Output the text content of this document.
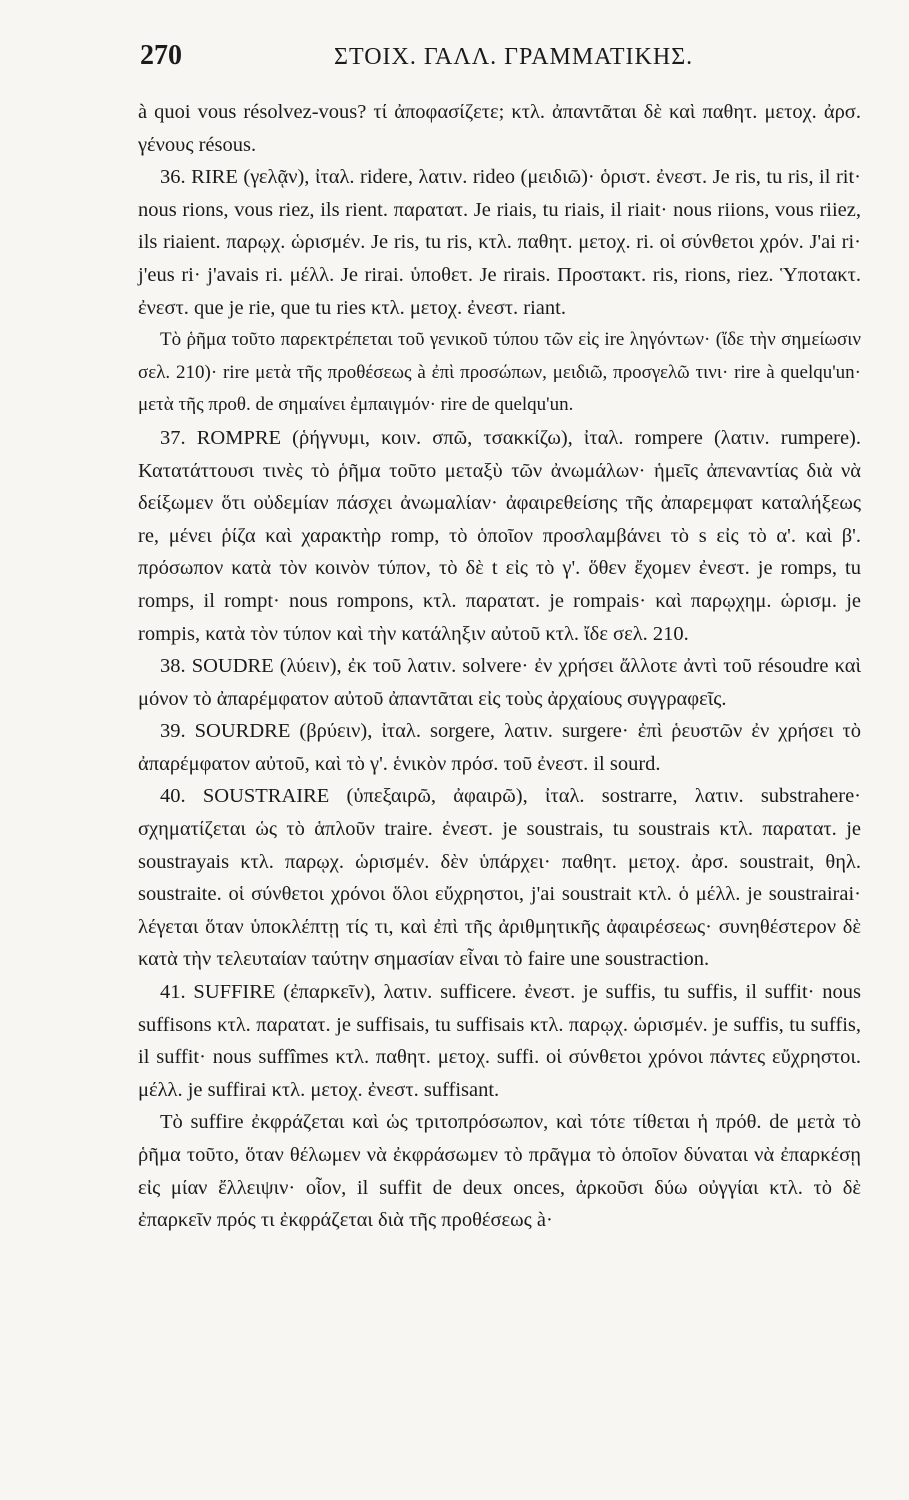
270	ΣΤΟΙΧ. ΓΑΛΛ. ΓΡΑΜΜΑΤΙΚΗΣ.

à quoi vous résolvez-vous? τί ἀποφασίζετε; κτλ. ἀπαντᾶται δὲ καὶ παθητ. μετοχ. ἀρσ. γένους résous.

36. RIRE (γελᾷν), ἰταλ. ridere, λατιν. rideo (μειδιῶ)· ὁριστ. ἐνεστ. Je ris, tu ris, il rit· nous rions, vous riez, ils rient. παρατατ. Je riais, tu riais, il riait· nous riions, vous riiez, ils riaient. παρῳχ. ὡρισμέν. Je ris, tu ris, κτλ. παθητ. μετοχ. ri. οἱ σύνθετοι χρόν. J'ai ri· j'eus ri· j'avais ri. μέλλ. Je rirai. ὑποθετ. Je rirais. Προστακτ. ris, rions, riez. Ὑποτακτ. ἐνεστ. que je rie, que tu ries κτλ. μετοχ. ἐνεστ. riant.

Τὸ ῥῆμα τοῦτο παρεκτρέπεται τοῦ γενικοῦ τύπου τῶν εἰς ire ληγόντων· (ἴδε τὴν σημείωσιν σελ. 210)· rire μετὰ τῆς προθέσεως à ἐπὶ προσώπων, μειδιῶ, προσγελῶ τινι· rire à quelqu'un· μετὰ τῆς προθ. de σημαίνει ἐμπαιγμόν· rire de quelqu'un.

37. ROMPRE (ῥήγνυμι, κοιν. σπῶ, τσακκίζω), ἰταλ. rompere (λατιν. rumpere). Κατατάττουσι τινὲς τὸ ῥῆμα τοῦτο μεταξὺ τῶν ἀνωμάλων· ἡμεῖς ἀπεναντίας διὰ νὰ δείξωμεν ὅτι οὐδεμίαν πάσχει ἀνωμαλίαν· ἀφαιρεθείσης τῆς ἀπαρεμφατ καταλήξεως re, μένει ῥίζα καὶ χαρακτὴρ romp, τὸ ὁποῖον προσλαμβάνει τὸ s εἰς τὸ α'. καὶ β'. πρόσωπον κατὰ τὸν κοινὸν τύπον, τὸ δὲ t εἰς τὸ γ'. ὅθεν ἔχομεν ἐνεστ. je romps, tu romps, il rompt· nous rompons, κτλ. παρατατ. je rompais· καὶ παρῳχημ. ὡρισμ. je rompis, κατὰ τὸν τύπον καὶ τὴν κατάληξιν αὐτοῦ κτλ. ἴδε σελ. 210.

38. SOUDRE (λύειν), ἐκ τοῦ λατιν. solvere· ἐν χρήσει ἄλλοτε ἀντὶ τοῦ résoudre καὶ μόνον τὸ ἀπαρέμφατον αὐτοῦ ἀπαντᾶται εἰς τοὺς ἀρχαίους συγγραφεῖς.

39. SOURDRE (βρύειν), ἰταλ. sorgere, λατιν. surgere· ἐπὶ ῥευστῶν ἐν χρήσει τὸ ἀπαρέμφατον αὐτοῦ, καὶ τὸ γ'. ἑνικὸν πρόσ. τοῦ ἐνεστ. il sourd.

40. SOUSTRAIRE (ὑπεξαιρῶ, ἀφαιρῶ), ἰταλ. sostrarre, λατιν. substrahere· σχηματίζεται ὡς τὸ ἁπλοῦν traire. ἐνεστ. je soustrais, tu soustrais κτλ. παρατατ. je soustrayais κτλ. παρῳχ. ὡρισμέν. δὲν ὑπάρχει· παθητ. μετοχ. ἀρσ. soustrait, θηλ. soustraite. οἱ σύνθετοι χρόνοι ὅλοι εὔχρηστοι, j'ai soustrait κτλ. ὁ μέλλ. je soustrairai· λέγεται ὅταν ὑποκλέπτῃ τίς τι, καὶ ἐπὶ τῆς ἀριθμητικῆς ἀφαιρέσεως· συνηθέστερον δὲ κατὰ τὴν τελευταίαν ταύτην σημασίαν εἶναι τὸ faire une soustraction.

41. SUFFIRE (ἐπαρκεῖν), λατιν. sufficere. ἐνεστ. je suffis, tu suffis, il suffit· nous suffisons κτλ. παρατατ. je suffisais, tu suffisais κτλ. παρῳχ. ὡρισμέν. je suffis, tu suffis, il suffit· nous suffîmes κτλ. παθητ. μετοχ. suffi. οἱ σύνθετοι χρόνοι πάντες εὔχρηστοι. μέλλ. je suffirai κτλ. μετοχ. ἐνεστ. suffisant.

Τὸ suffire ἐκφράζεται καὶ ὡς τριτοπρόσωπον, καὶ τότε τίθεται ἡ πρόθ. de μετὰ τὸ ῥῆμα τοῦτο, ὅταν θέλωμεν νὰ ἐκφράσωμεν τὸ πρᾶγμα τὸ ὁποῖον δύναται νὰ ἐπαρκέσῃ εἰς μίαν ἔλλειψιν· οἷον, il suffit de deux onces, ἀρκοῦσι δύω οὐγγίαι κτλ. τὸ δὲ ἐπαρκεῖν πρός τι ἐκφράζεται διὰ τῆς προθέσεως à·
